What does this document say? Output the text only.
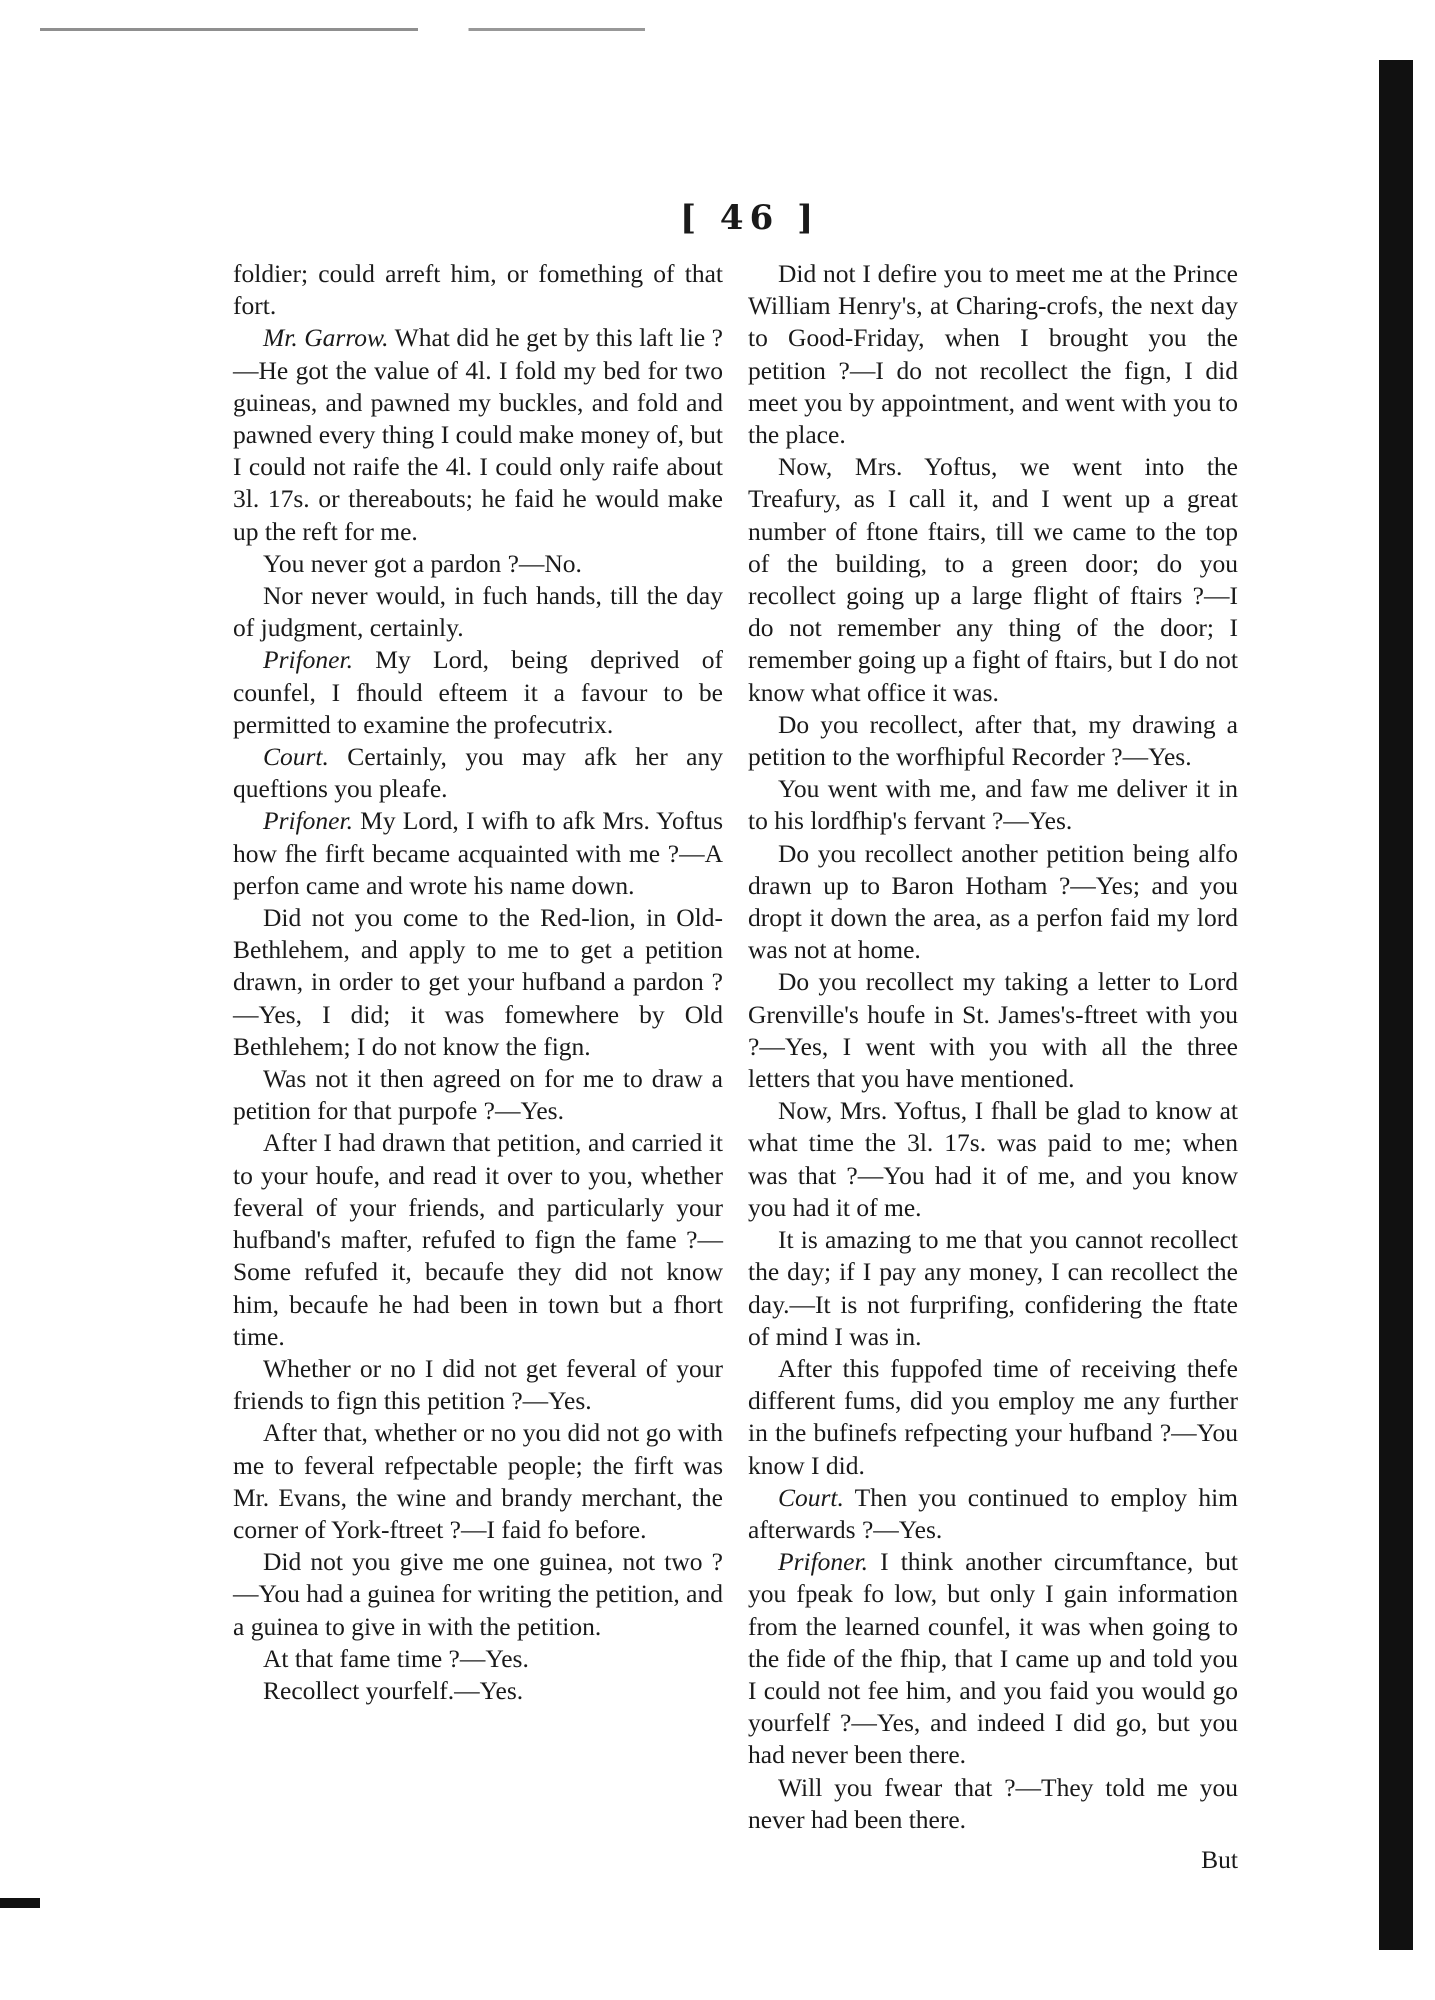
[ 46 ]

foldier; could arreft him, or fomething of that fort.

Mr. Garrow. What did he get by this laft lie ?—He got the value of 4l. I fold my bed for two guineas, and pawned my buckles, and fold and pawned every thing I could make money of, but I could not raife the 4l. I could only raife about 3l. 17s. or thereabouts; he faid he would make up the reft for me.

You never got a pardon ?—No.

Nor never would, in fuch hands, till the day of judgment, certainly.

Prifoner. My Lord, being deprived of counfel, I fhould efteem it a favour to be permitted to examine the profecutrix.

Court. Certainly, you may afk her any queftions you pleafe.

Prifoner. My Lord, I wifh to afk Mrs. Yoftus how fhe firft became acquainted with me ?—A perfon came and wrote his name down.

Did not you come to the Red-lion, in Old-Bethlehem, and apply to me to get a petition drawn, in order to get your hufband a pardon ?—Yes, I did; it was fomewhere by Old Bethlehem; I do not know the fign.

Was not it then agreed on for me to draw a petition for that purpofe ?—Yes.

After I had drawn that petition, and carried it to your houfe, and read it over to you, whether feveral of your friends, and particularly your hufband's mafter, refufed to fign the fame ?—Some refufed it, becaufe they did not know him, becaufe he had been in town but a fhort time.

Whether or no I did not get feveral of your friends to fign this petition ?—Yes.

After that, whether or no you did not go with me to feveral refpectable people; the firft was Mr. Evans, the wine and brandy merchant, the corner of York-ftreet ?—I faid fo before.

Did not you give me one guinea, not two ?—You had a guinea for writing the petition, and a guinea to give in with the petition.

At that fame time ?—Yes.

Recollect yourfelf.—Yes.

Did not I defire you to meet me at the Prince William Henry's, at Charing-crofs, the next day to Good-Friday, when I brought you the petition ?—I do not recollect the fign, I did meet you by appointment, and went with you to the place.

Now, Mrs. Yoftus, we went into the Treafury, as I call it, and I went up a great number of ftone ftairs, till we came to the top of the building, to a green door; do you recollect going up a large flight of ftairs ?—I do not remember any thing of the door; I remember going up a fight of ftairs, but I do not know what office it was.

Do you recollect, after that, my drawing a petition to the worfhipful Recorder ?—Yes.

You went with me, and faw me deliver it in to his lordfhip's fervant ?—Yes.

Do you recollect another petition being alfo drawn up to Baron Hotham ?—Yes; and you dropt it down the area, as a perfon faid my lord was not at home.

Do you recollect my taking a letter to Lord Grenville's houfe in St. James's-ftreet with you ?—Yes, I went with you with all the three letters that you have mentioned.

Now, Mrs. Yoftus, I fhall be glad to know at what time the 3l. 17s. was paid to me; when was that ?—You had it of me, and you know you had it of me.

It is amazing to me that you cannot recollect the day; if I pay any money, I can recollect the day.—It is not furprifing, confidering the ftate of mind I was in.

After this fuppofed time of receiving thefe different fums, did you employ me any further in the bufinefs refpecting your hufband ?—You know I did.

Court. Then you continued to employ him afterwards ?—Yes.

Prifoner. I think another circumftance, but you fpeak fo low, but only I gain information from the learned counfel, it was when going to the fide of the fhip, that I came up and told you I could not fee him, and you faid you would go yourfelf ?—Yes, and indeed I did go, but you had never been there.

Will you fwear that ?—They told me you never had been there.

But
